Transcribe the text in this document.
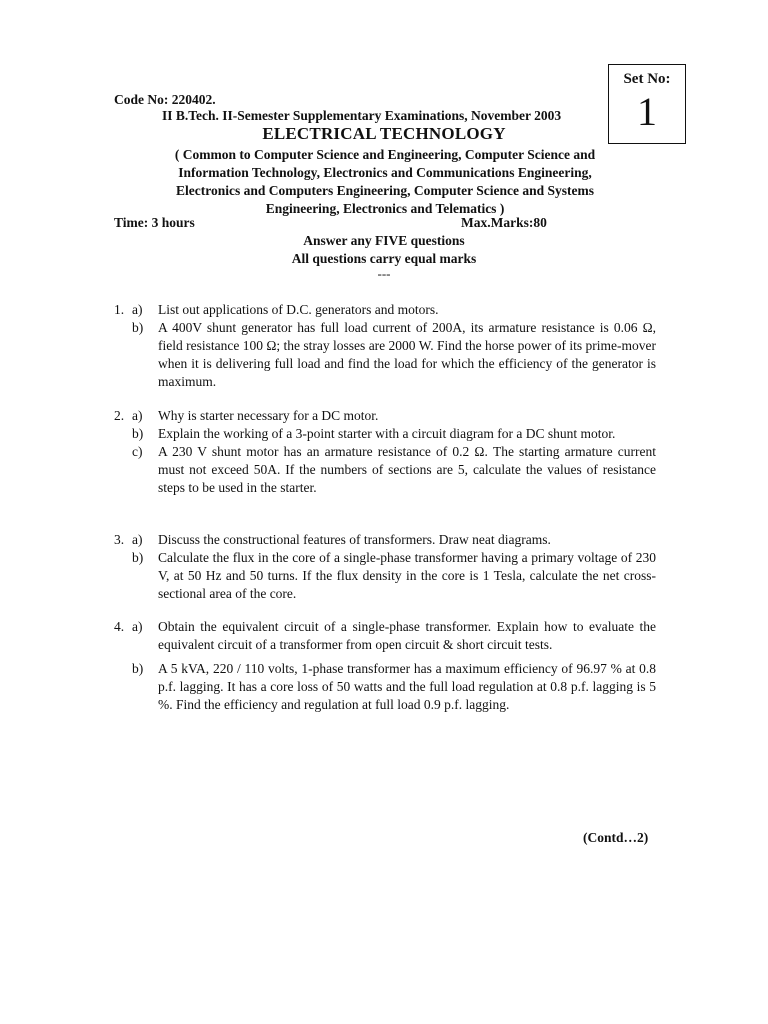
Set No:
1
Code No: 220402.
II B.Tech. II-Semester Supplementary Examinations, November 2003
ELECTRICAL TECHNOLOGY
( Common to Computer Science and Engineering, Computer Science and
Information Technology, Electronics and Communications Engineering,
Electronics and Computers Engineering, Computer Science and Systems
Engineering, Electronics and Telematics )
Time: 3 hours	Max.Marks:80
Answer any FIVE questions
All questions carry equal marks
---
1. a)	List out applications of D.C. generators and motors.
b)	A 400V shunt generator has full load current of 200A, its armature resistance is 0.06 Ω, field resistance 100 Ω; the stray losses are 2000 W. Find the horse power of its prime-mover when it is delivering full load and find the load for which the efficiency of the generator is maximum.
2. a)	Why is starter necessary for a DC motor.
b)	Explain the working of a 3-point starter with a circuit diagram for a DC shunt motor.
c)	A 230 V shunt motor has an armature resistance of 0.2 Ω. The starting armature current must not exceed 50A. If the numbers of sections are 5, calculate the values of resistance steps to be used in the starter.
3. a)	Discuss the constructional features of transformers. Draw neat diagrams.
b)	Calculate the flux in the core of a single-phase transformer having a primary voltage of 230 V, at 50 Hz and 50 turns. If the flux density in the core is 1 Tesla, calculate the net cross-sectional area of the core.
4. a)	Obtain the equivalent circuit of a single-phase transformer. Explain how to evaluate the equivalent circuit of a transformer from open circuit & short circuit tests.
b)	A 5 kVA, 220 / 110 volts, 1-phase transformer has a maximum efficiency of 96.97 % at 0.8 p.f. lagging. It has a core loss of 50 watts and the full load regulation at 0.8 p.f. lagging is 5 %. Find the efficiency and regulation at full load 0.9 p.f. lagging.
(Contd…2)
